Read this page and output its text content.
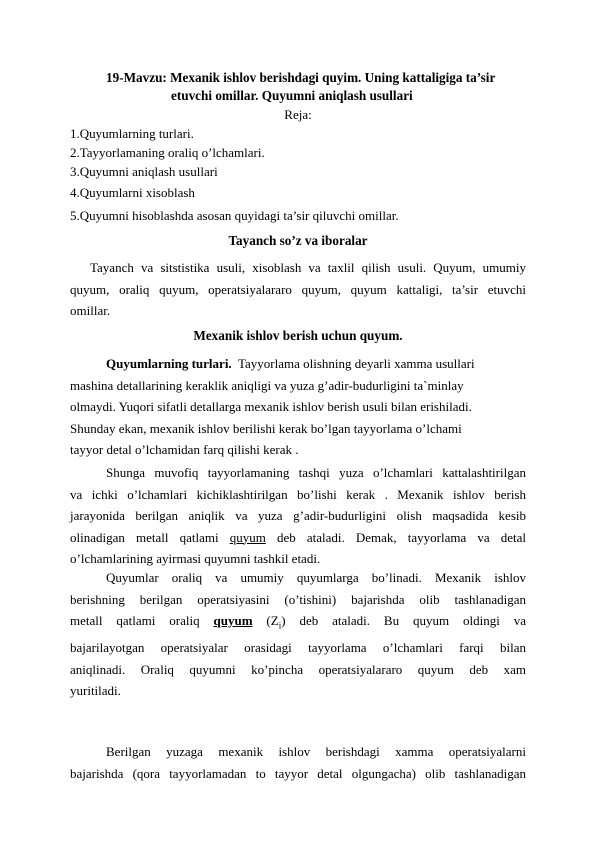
19-Mavzu: Mexanik ishlov berishdagi quyim. Uning kattaligiga ta’sir
etuvchi omillar. Quyumni aniqlash usullari
Reja:
1.Quyumlarning turlari.
2.Tayyorlamaning oraliq o’lchamlari.
3.Quyumni aniqlash usullari
4.Quyumlarni xisoblash
5.Quyumni hisoblashda asosan quyidagi ta’sir qiluvchi omillar.
Tayanch so’z va iboralar
Tayanch va sitstistika usuli, xisoblash va taxlil qilish usuli. Quyum, umumiy
quyum, oraliq quyum, operatsiyalararo quyum, quyum kattaligi, ta’sir etuvchi
omillar.
Mexanik ishlov berish uchun quyum.
Quyumlarning turlari.  Tayyorlama olishning deyarli xamma usullari
mashina detallarining keraklik aniqligi va yuza g’adir-budurligini ta`minlay
olmaydi. Yuqori sifatli detallarga mexanik ishlov berish usuli bilan erishiladi.
Shunday ekan, mexanik ishlov berilishi kerak bo’lgan tayyorlama o’lchami
tayyor detal o’lchamidan farq qilishi kerak .
Shunga muvofiq tayyorlamaning tashqi yuza o’lchamlari kattalashtirilgan
va ichki o’lchamlari kichiklashtirilgan bo’lishi kerak . Mexanik ishlov berish
jarayonida berilgan aniqlik va yuza g’adir-budurligini olish maqsadida kesib
olinadigan metall qatlami quyum deb ataladi. Demak, tayyorlama va detal
o’lchamlarining ayirmasi quyumni tashkil etadi.
Quyumlar oraliq va umumiy quyumlarga bo’linadi. Mexanik ishlov
berishning berilgan operatsiyasini (o’tishini) bajarishda olib tashlanadigan
metall qatlami oraliq quyum $(Z_i)$ deb ataladi. Bu quyum oldingi va
bajarilayotgan operatsiyalar orasidagi tayyorlama o’lchamlari farqi bilan
aniqlinadi. Oraliq quyumni ko’pincha operatsiyalararo quyum deb xam
yuritiladi.
Berilgan yuzaga mexanik ishlov berishdagi xamma operatsiyalarni
bajarishda (qora tayyorlamadan to tayyor detal olgungacha) olib tashlanadigan
